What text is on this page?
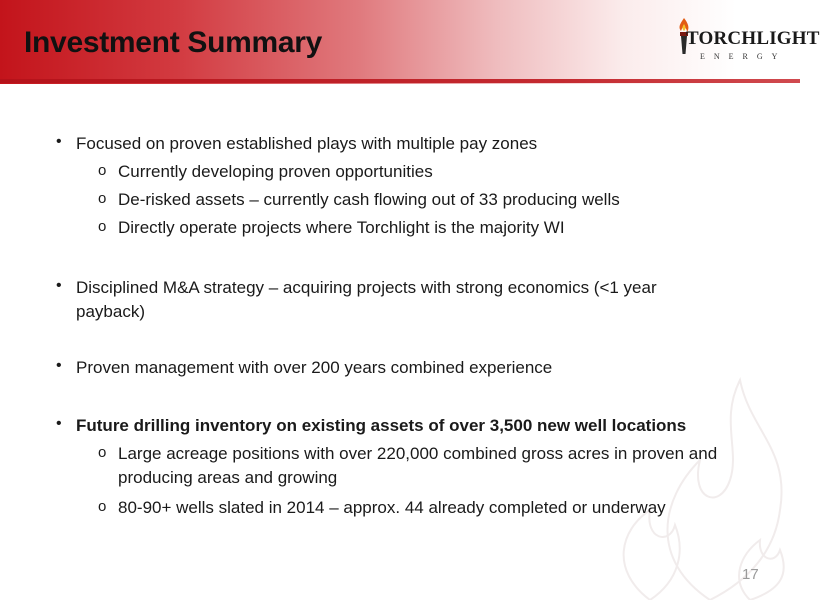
Investment Summary	TORCHLIGHT
ENERGY
• Focused on proven established plays with multiple pay zones
o Currently developing proven opportunities
o De-risked assets – currently cash flowing out of 33 producing wells
o Directly operate projects where Torchlight is the majority WI
• Disciplined M&A strategy – acquiring projects with strong economics (<1 year payback)
• Proven management with over 200 years combined experience
• Future drilling inventory on existing assets of over 3,500 new well locations
o Large acreage positions with over 220,000 combined gross acres in proven and producing areas and growing
o 80-90+ wells slated in 2014 – approx. 44 already completed or underway
17
